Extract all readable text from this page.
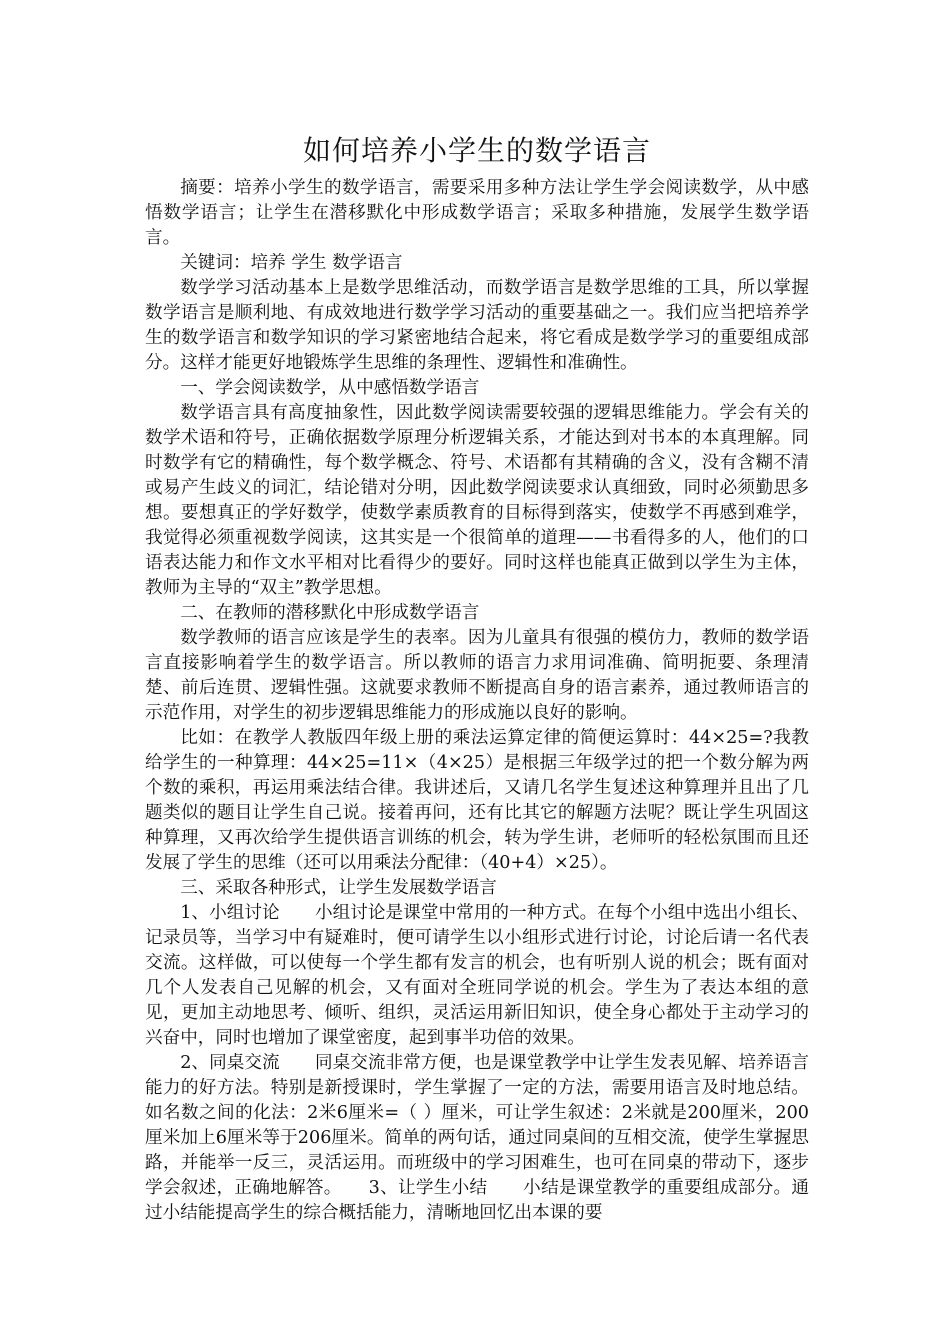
如何培养小学生的数学语言

摘要：培养小学生的数学语言，需要采用多种方法让学生学会阅读数学，从中感悟数学语言；让学生在潜移默化中形成数学语言；采取多种措施，发展学生数学语言。

关键词：培养 学生 数学语言

数学学习活动基本上是数学思维活动，而数学语言是数学思维的工具，所以掌握数学语言是顺利地、有成效地进行数学学习活动的重要基础之一。我们应当把培养学生的数学语言和数学知识的学习紧密地结合起来，将它看成是数学学习的重要组成部分。这样才能更好地锻炼学生思维的条理性、逻辑性和准确性。

一、学会阅读数学，从中感悟数学语言

数学语言具有高度抽象性，因此数学阅读需要较强的逻辑思维能力。学会有关的数学术语和符号，正确依据数学原理分析逻辑关系，才能达到对书本的本真理解。同时数学有它的精确性，每个数学概念、符号、术语都有其精确的含义，没有含糊不清或易产生歧义的词汇，结论错对分明，因此数学阅读要求认真细致，同时必须勤思多想。要想真正的学好数学，使数学素质教育的目标得到落实，使数学不再感到难学，我觉得必须重视数学阅读，这其实是一个很简单的道理——书看得多的人，他们的口语表达能力和作文水平相对比看得少的要好。同时这样也能真正做到以学生为主体，教师为主导的“双主”教学思想。

二、在教师的潜移默化中形成数学语言

数学教师的语言应该是学生的表率。因为儿童具有很强的模仿力，教师的数学语言直接影响着学生的数学语言。所以教师的语言力求用词准确、简明扼要、条理清楚、前后连贯、逻辑性强。这就要求教师不断提高自身的语言素养，通过教师语言的示范作用，对学生的初步逻辑思维能力的形成施以良好的影响。

比如：在教学人教版四年级上册的乘法运算定律的简便运算时：44×25=?我教给学生的一种算理：44×25=11×（4×25）是根据三年级学过的把一个数分解为两个数的乘积，再运用乘法结合律。我讲述后，又请几名学生复述这种算理并且出了几题类似的题目让学生自己说。接着再问，还有比其它的解题方法呢？既让学生巩固这种算理，又再次给学生提供语言训练的机会，转为学生讲，老师听的轻松氛围而且还发展了学生的思维（还可以用乘法分配律：（40+4）×25）。

三、采取各种形式，让学生发展数学语言

1、小组讨论　　小组讨论是课堂中常用的一种方式。在每个小组中选出小组长、记录员等，当学习中有疑难时，便可请学生以小组形式进行讨论，讨论后请一名代表交流。这样做，可以使每一个学生都有发言的机会，也有听别人说的机会；既有面对几个人发表自己见解的机会，又有面对全班同学说的机会。学生为了表达本组的意见，更加主动地思考、倾听、组织，灵活运用新旧知识，使全身心都处于主动学习的兴奋中，同时也增加了课堂密度，起到事半功倍的效果。

2、同桌交流　　同桌交流非常方便，也是课堂教学中让学生发表见解、培养语言能力的好方法。特别是新授课时，学生掌握了一定的方法，需要用语言及时地总结。如名数之间的化法：2米6厘米=（ ）厘米，可让学生叙述：2米就是200厘米，200厘米加上6厘米等于206厘米。简单的两句话，通过同桌间的互相交流，使学生掌握思路，并能举一反三，灵活运用。而班级中的学习困难生，也可在同桌的带动下，逐步学会叙述，正确地解答。　　3、让学生小结　　小结是课堂教学的重要组成部分。通过小结能提高学生的综合概括能力，清晰地回忆出本课的要
